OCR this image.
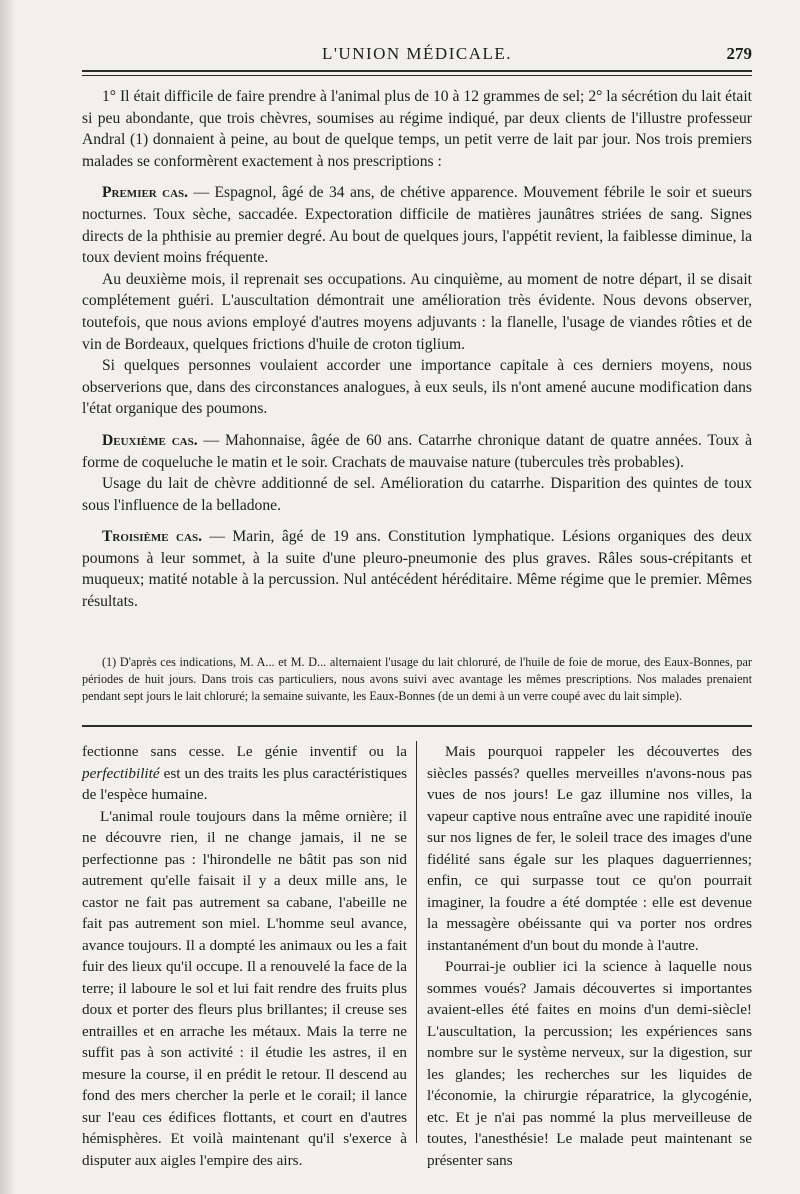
L'UNION MÉDICALE.	279

1° Il était difficile de faire prendre à l'animal plus de 10 à 12 grammes de sel; 2° la sécrétion du lait était si peu abondante, que trois chèvres, soumises au régime indiqué, par deux clients de l'illustre professeur Andral (1) donnaient à peine, au bout de quelque temps, un petit verre de lait par jour. Nos trois premiers malades se conformèrent exactement à nos prescriptions :

Premier cas. — Espagnol, âgé de 34 ans, de chétive apparence. Mouvement fébrile le soir et sueurs nocturnes. Toux sèche, saccadée. Expectoration difficile de matières jaunâtres striées de sang. Signes directs de la phthisie au premier degré. Au bout de quelques jours, l'appétit revient, la faiblesse diminue, la toux devient moins fréquente.

Au deuxième mois, il reprenait ses occupations. Au cinquième, au moment de notre départ, il se disait complétement guéri. L'auscultation démontrait une amélioration très évidente. Nous devons observer, toutefois, que nous avions employé d'autres moyens adjuvants : la flanelle, l'usage de viandes rôties et de vin de Bordeaux, quelques frictions d'huile de croton tiglium.

Si quelques personnes voulaient accorder une importance capitale à ces derniers moyens, nous observerions que, dans des circonstances analogues, à eux seuls, ils n'ont amené aucune modification dans l'état organique des poumons.

Deuxième cas. — Mahonnaise, âgée de 60 ans. Catarrhe chronique datant de quatre années. Toux à forme de coqueluche le matin et le soir. Crachats de mauvaise nature (tubercules très probables).

Usage du lait de chèvre additionné de sel. Amélioration du catarrhe. Disparition des quintes de toux sous l'influence de la belladone.

Troisième cas. — Marin, âgé de 19 ans. Constitution lymphatique. Lésions organiques des deux poumons à leur sommet, à la suite d'une pleuro-pneumonie des plus graves. Râles sous-crépitants et muqueux; matité notable à la percussion. Nul antécédent héréditaire. Même régime que le premier. Mêmes résultats.

(1) D'après ces indications, M. A... et M. D... alternaient l'usage du lait chloruré, de l'huile de foie de morue, des Eaux-Bonnes, par périodes de huit jours. Dans trois cas particuliers, nous avons suivi avec avantage les mêmes prescriptions. Nos malades prenaient pendant sept jours le lait chloruré; la semaine suivante, les Eaux-Bonnes (de un demi à un verre coupé avec du lait simple).

fectionne sans cesse. Le génie inventif ou la perfectibilité est un des traits les plus caractéristiques de l'espèce humaine.

L'animal roule toujours dans la même ornière; il ne découvre rien, il ne change jamais, il ne se perfectionne pas : l'hirondelle ne bâtit pas son nid autrement qu'elle faisait il y a deux mille ans, le castor ne fait pas autrement sa cabane, l'abeille ne fait pas autrement son miel. L'homme seul avance, avance toujours. Il a dompté les animaux ou les a fait fuir des lieux qu'il occupe. Il a renouvelé la face de la terre; il laboure le sol et lui fait rendre des fruits plus doux et porter des fleurs plus brillantes; il creuse ses entrailles et en arrache les métaux. Mais la terre ne suffit pas à son activité : il étudie les astres, il en mesure la course, il en prédit le retour. Il descend au fond des mers chercher la perle et le corail; il lance sur l'eau ces édifices flottants, et court en d'autres hémisphères. Et voilà maintenant qu'il s'exerce à disputer aux aigles l'empire des airs.

Mais pourquoi rappeler les découvertes des siècles passés? quelles merveilles n'avons-nous pas vues de nos jours! Le gaz illumine nos villes, la vapeur captive nous entraîne avec une rapidité inouïe sur nos lignes de fer, le soleil trace des images d'une fidélité sans égale sur les plaques daguerriennes; enfin, ce qui surpasse tout ce qu'on pourrait imaginer, la foudre a été domptée : elle est devenue la messagère obéissante qui va porter nos ordres instantanément d'un bout du monde à l'autre.

Pourrai-je oublier ici la science à laquelle nous sommes voués? Jamais découvertes si importantes avaient-elles été faites en moins d'un demi-siècle! L'auscultation, la percussion; les expériences sans nombre sur le système nerveux, sur la digestion, sur les glandes; les recherches sur les liquides de l'économie, la chirurgie réparatrice, la glycogénie, etc. Et je n'ai pas nommé la plus merveilleuse de toutes, l'anesthésie! Le malade peut maintenant se présenter sans
